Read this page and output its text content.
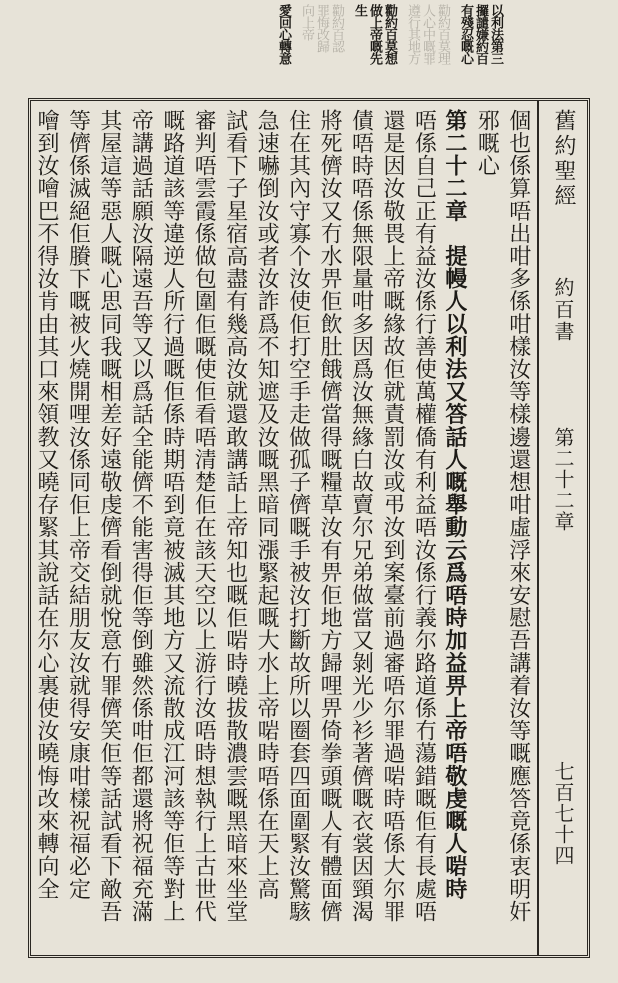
以利法第三
攞譴嫌約百
有殘忍嘅心
勸約百莫理
人心中嘅罪
遵行其地方
勸約百莫想
做上帝嘅先
生
勸約百認
罪悔改歸
向上帝
愛回心轉意
舊約聖經
約百書
第二十二章
七百七十四
個也係算唔出咁多係咁樣汝等樣邊還想咁虛浮來安慰吾講着汝等嘅應答竟係衷明奸
邪嘅心
第二十二章　提幔人以利法又答話人嘅舉動云爲唔時加益畀上帝唔敬虔嘅人啱時
唔係自己正有益汝係行善使萬權僑有利益唔汝係行義尔路道係冇蕩錯嘅佢有長處唔
還是因汝敬畏上帝嘅緣故佢就責罰汝或弔汝到案臺前過審唔尔罪過啱時唔係大尔罪
債唔時唔係無限量咁多因爲汝無緣白故賣尔兄弟做當又剝光少衫著儕嘅衣裳因頸渴
將死儕汝又冇水畀佢飲肚餓儕當得嘅糧草汝有畀佢地方歸哩畀倚拳頭嘅人有體面儕
住在其內守寡个汝使佢打空手走做孤子儕嘅手被汝打斷故所以圈套四面圍緊汝驚駭
急速嚇倒汝或者汝詐爲不知遮及汝嘅黑暗同漲緊起嘅大水上帝啱時唔係在天上高
試看下子星宿高盡有幾高汝就還敢講話上帝知也嘅佢啱時曉拔散濃雲嘅黑暗來坐堂
審判唔雲霞係做包圍佢嘅使佢看唔清楚佢在該天空以上游行汝唔時想執行上古世代
嘅路道該等違逆人所行過嘅佢係時期唔到竟被滅其地方又流散成江河該等佢等對上
帝講過話願汝隔遠吾等又以爲話全能儕不能害得佢等倒雖然係咁佢都還將祝福充滿
其屋這等惡人嘅心思同我嘅相差好遠敬虔儕看倒就悅意冇罪儕笑佢等話試看下敵吾
等儕係滅絕佢賸下嘅被火燒開哩汝係同佢上帝交結朋友汝就得安康咁樣祝福必定
噲到汝噲巴不得汝肯由其口來領教又曉存緊其說話在尔心裏使汝曉悔改來轉向全
